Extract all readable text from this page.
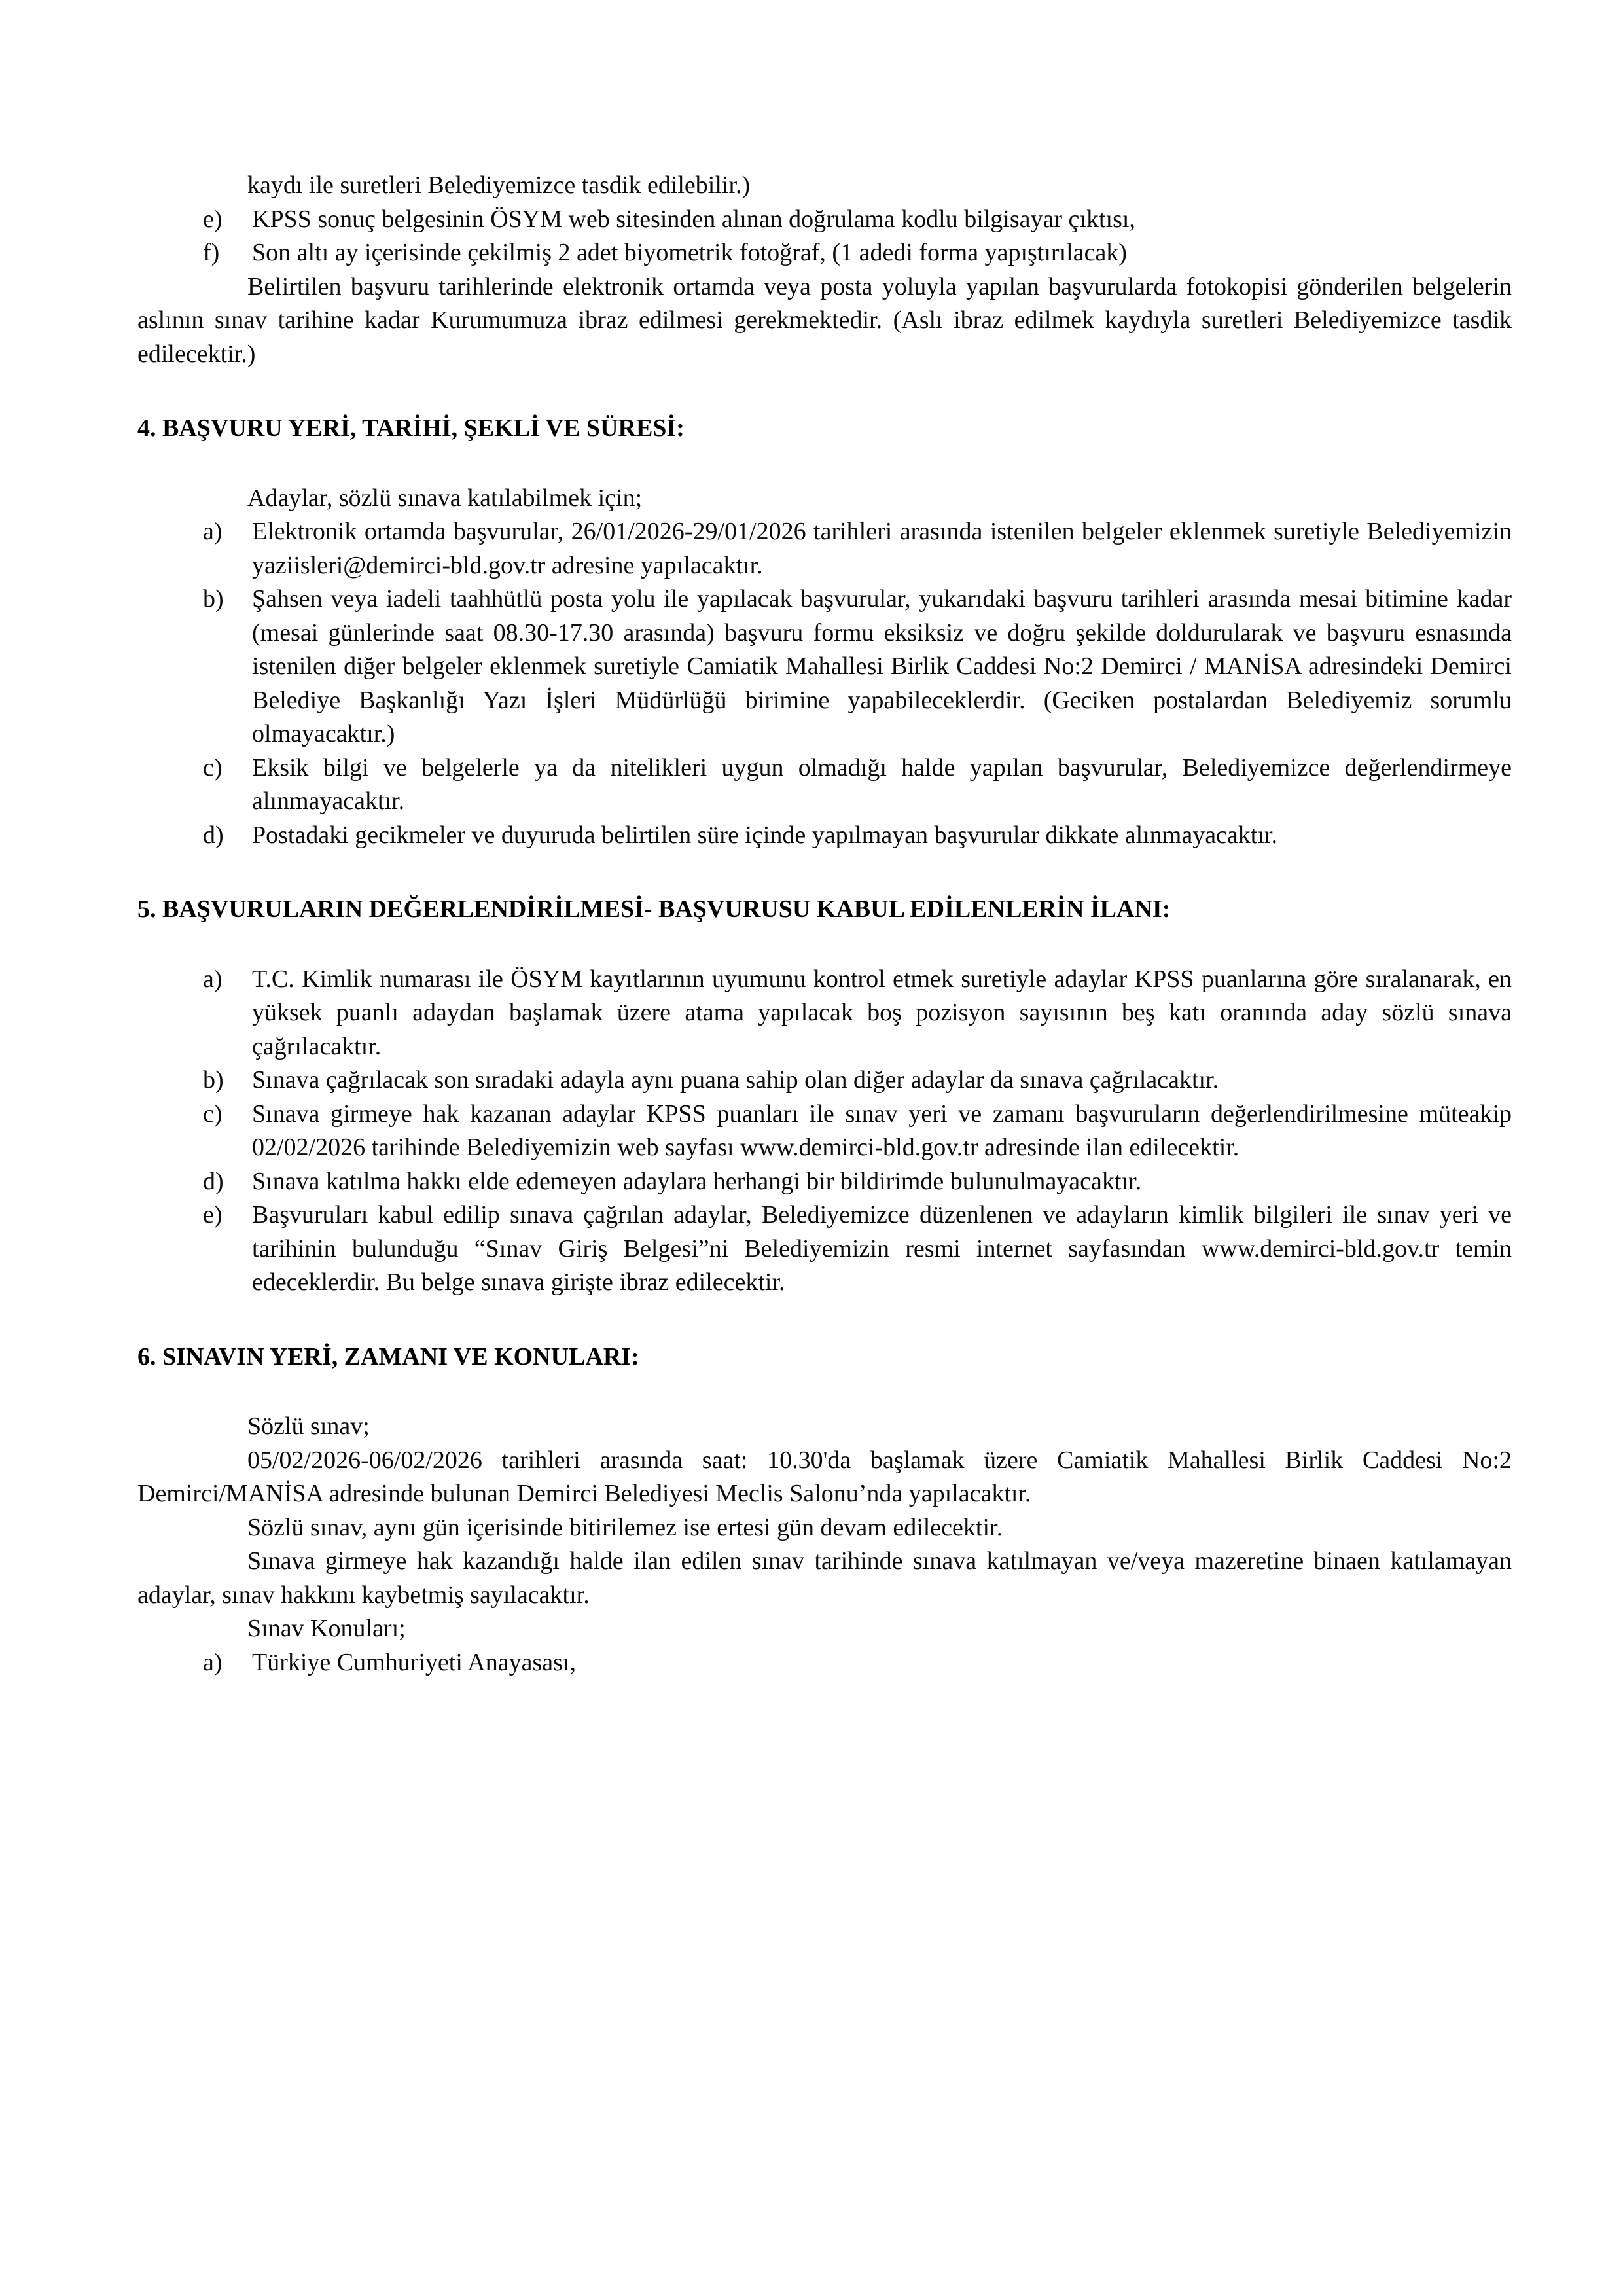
kaydı ile suretleri Belediyemizce tasdik edilebilir.)

e)	KPSS sonuç belgesinin ÖSYM web sitesinden alınan doğrulama kodlu bilgisayar çıktısı,
f)	Son altı ay içerisinde çekilmiş 2 adet biyometrik fotoğraf, (1 adedi forma yapıştırılacak)

Belirtilen başvuru tarihlerinde elektronik ortamda veya posta yoluyla yapılan başvurularda fotokopisi gönderilen belgelerin aslının sınav tarihine kadar Kurumumuza ibraz edilmesi gerekmektedir. (Aslı ibraz edilmek kaydıyla suretleri Belediyemizce tasdik edilecektir.)

4. BAŞVURU YERİ, TARİHİ, ŞEKLİ VE SÜRESİ:

Adaylar, sözlü sınava katılabilmek için;

a)	Elektronik ortamda başvurular, 26/01/2026-29/01/2026 tarihleri arasında istenilen belgeler eklenmek suretiyle Belediyemizin yaziisleri@demirci-bld.gov.tr adresine yapılacaktır.
b)	Şahsen veya iadeli taahhütlü posta yolu ile yapılacak başvurular, yukarıdaki başvuru tarihleri arasında mesai bitimine kadar (mesai günlerinde saat 08.30-17.30 arasında) başvuru formu eksiksiz ve doğru şekilde doldurularak ve başvuru esnasında istenilen diğer belgeler eklenmek suretiyle Camiatik Mahallesi Birlik Caddesi No:2 Demirci / MANİSA adresindeki Demirci Belediye Başkanlığı Yazı İşleri Müdürlüğü birimine yapabileceklerdir. (Geciken postalardan Belediyemiz sorumlu olmayacaktır.)
c)	Eksik bilgi ve belgelerle ya da nitelikleri uygun olmadığı halde yapılan başvurular, Belediyemizce değerlendirmeye alınmayacaktır.
d)	Postadaki gecikmeler ve duyuruda belirtilen süre içinde yapılmayan başvurular dikkate alınmayacaktır.
5. BAŞVURULARIN DEĞERLENDİRİLMESİ- BAŞVURUSU KABUL EDİLENLERİN İLANI:
a)	T.C. Kimlik numarası ile ÖSYM kayıtlarının uyumunu kontrol etmek suretiyle adaylar KPSS puanlarına göre sıralanarak, en yüksek puanlı adaydan başlamak üzere atama yapılacak boş pozisyon sayısının beş katı oranında aday sözlü sınava çağrılacaktır.
b)	Sınava çağrılacak son sıradaki adayla aynı puana sahip olan diğer adaylar da sınava çağrılacaktır.
c)	Sınava girmeye hak kazanan adaylar KPSS puanları ile sınav yeri ve zamanı başvuruların değerlendirilmesine müteakip 02/02/2026 tarihinde Belediyemizin web sayfası www.demirci-bld.gov.tr adresinde ilan edilecektir.
d)	Sınava katılma hakkı elde edemeyen adaylara herhangi bir bildirimde bulunulmayacaktır.
e)	Başvuruları kabul edilip sınava çağrılan adaylar, Belediyemizce düzenlenen ve adayların kimlik bilgileri ile sınav yeri ve tarihinin bulunduğu “Sınav Giriş Belgesi”ni Belediyemizin resmi internet sayfasından www.demirci-bld.gov.tr temin edeceklerdir. Bu belge sınava girişte ibraz edilecektir.
6. SINAVIN YERİ, ZAMANI VE KONULARI:

Sözlü sınav;

05/02/2026-06/02/2026 tarihleri arasında saat: 10.30'da başlamak üzere Camiatik Mahallesi Birlik Caddesi No:2 Demirci/MANİSA adresinde bulunan Demirci Belediyesi Meclis Salonu’nda yapılacaktır.

Sözlü sınav, aynı gün içerisinde bitirilemez ise ertesi gün devam edilecektir.

Sınava girmeye hak kazandığı halde ilan edilen sınav tarihinde sınava katılmayan ve/veya mazeretine binaen katılamayan adaylar, sınav hakkını kaybetmiş sayılacaktır.

Sınav Konuları;

a)	Türkiye Cumhuriyeti Anayasası,
